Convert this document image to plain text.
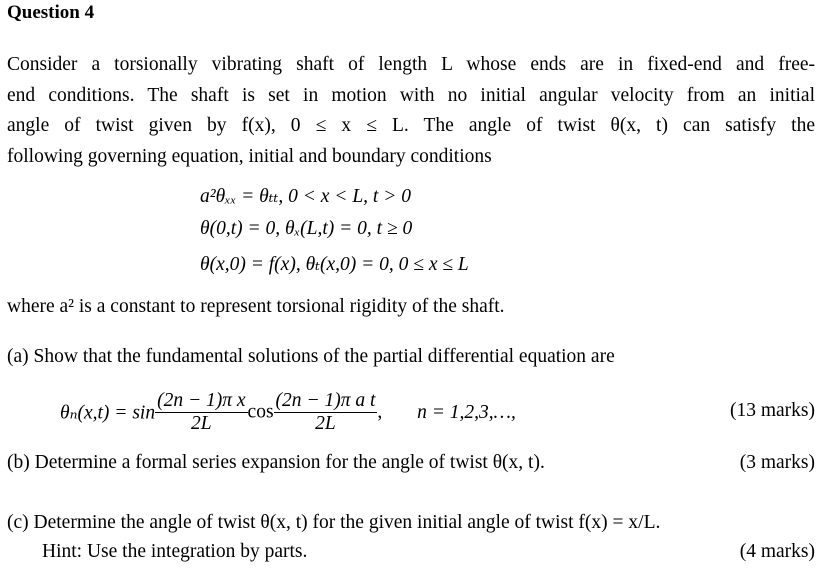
Question 4
Consider a torsionally vibrating shaft of length L whose ends are in fixed-end and free-
end conditions. The shaft is set in motion with no initial angular velocity from an initial
angle of twist given by f(x), 0 ≤ x ≤ L. The angle of twist θ(x, t) can satisfy the
following governing equation, initial and boundary conditions
a²θₓₓ = θₜₜ, 0 < x < L, t > 0
θ(0,t) = 0, θₓ(L,t) = 0, t ≥ 0
θ(x,0) = f(x), θₜ(x,0) = 0, 0 ≤ x ≤ L
where a² is a constant to represent torsional rigidity of the shaft.
(a) Show that the fundamental solutions of the partial differential equation are
$\theta_n(x,t) = \sin \frac{\text{(2n − 1)π x}}{2L}$ $\cos \frac{\text{(2n − 1)π a t}}{2L}$ , n = 1,2,3,…,	(13 marks)
(b) Determine a formal series expansion for the angle of twist θ(x, t).	(3 marks)
(c) Determine the angle of twist θ(x, t) for the given initial angle of twist f(x) = x/L.
Hint: Use the integration by parts.	(4 marks)
